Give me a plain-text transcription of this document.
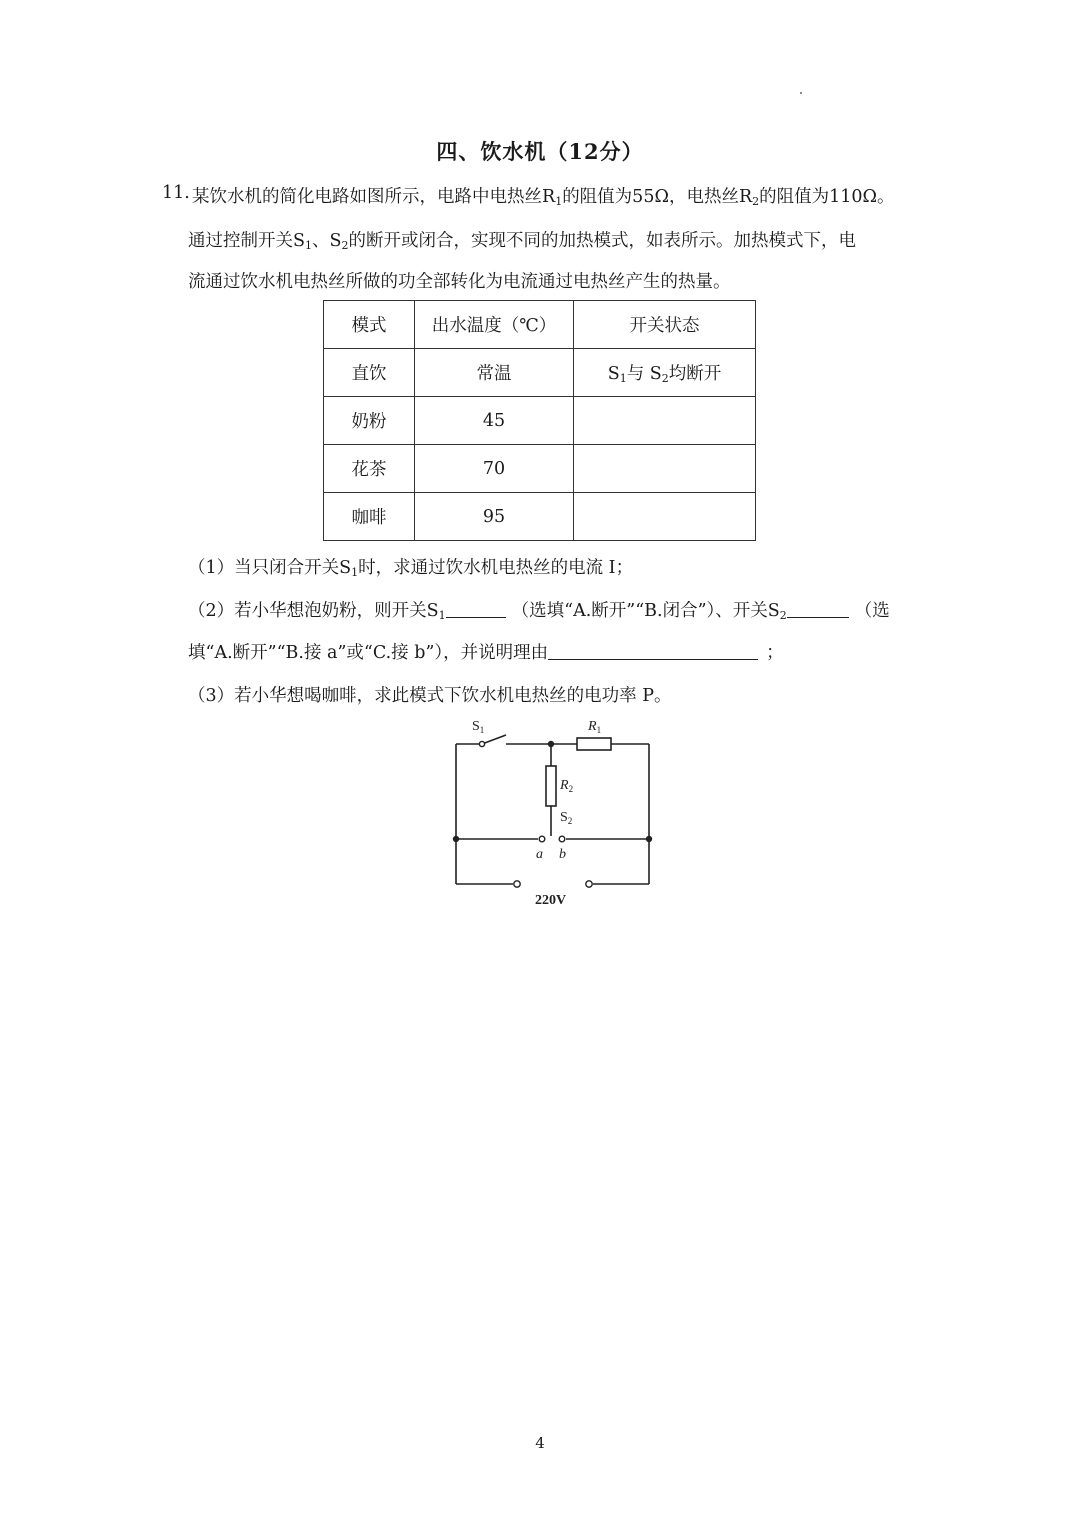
四、饮水机（12分）
11. 某饮水机的简化电路如图所示，电路中电热丝$R_1$的阻值为55Ω，电热丝$R_2$的阻值为110Ω。
通过控制开关$S_1$、$S_2$的断开或闭合，实现不同的加热模式，如表所示。加热模式下，电
流通过饮水机电热丝所做的功全部转化为电流通过电热丝产生的热量。
模式	出水温度（℃）	开关状态
直饮	常温	$S_1$与 $S_2$均断开
奶粉	45	
花茶	70	
咖啡	95	
（1）当只闭合开关$S_1$时，求通过饮水机电热丝的电流 I；
（2）若小华想泡奶粉，则开关$S_1$	（选填“A.断开”“B.闭合”）、开关$S_2$	（选
填“A.断开”“B.接 a”或“C.接 b”），并说明理由	；
（3）若小华想喝咖啡，求此模式下饮水机电热丝的电功率 P。
$S_1$	$R_1$
$R_2$
$S_2$
a b
220V
4
